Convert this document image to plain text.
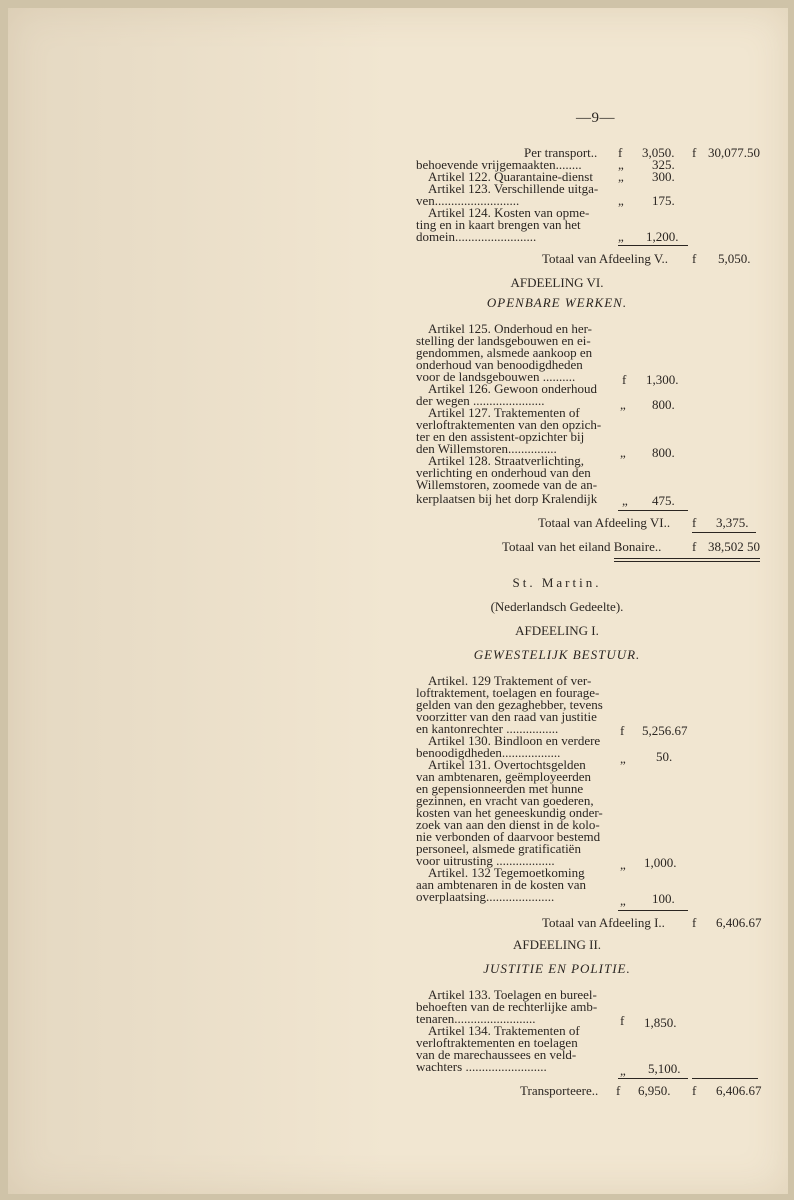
—9—
Per transport.. f 3,050. f 30,077.50
behoevende vrijgemaakten........	„ 325.
Artikel 122. Quarantaine-dienst „ 300.
Artikel 123. Verschillende uitga-
ven..........................	„ 175.
Artikel 124. Kosten van opme-
ting en in kaart brengen van het
domein.........................	„ 1,200.
Totaal van Afdeeling V.. f 5,050.
AFDEELING VI.
OPENBARE WERKEN.
Artikel 125. Onderhoud en her-
stelling der landsgebouwen en ei-
gendommen, alsmede aankoop en
onderhoud van benoodigdheden
voor de landsgebouwen ..........	f 1,300.
Artikel 126. Gewoon onderhoud
der wegen ......................	„ 800.
Artikel 127. Traktementen of
verloftraktementen van den opzich-
ter en den assistent-opzichter bij
den Willemstoren...............	„ 800.
Artikel 128. Straatverlichting,
verlichting en onderhoud van den
Willemstoren, zoomede van de an-
kerplaatsen bij het dorp Kralendijk „ 475.
Totaal van Afdeeling VI.. f 3,375.
Totaal van het eiland Bonaire.. f 38,502 50
St. Martin.
(Nederlandsch Gedeelte).
AFDEELING I.
GEWESTELIJK BESTUUR.
Artikel. 129 Traktement of ver-
loftraktement, toelagen en fourage-
gelden van den gezaghebber, tevens
voorzitter van den raad van justitie
en kantonrechter ................	f 5,256.67
Artikel 130. Bindloon en verdere
benoodigdheden..................	„ 50.
Artikel 131. Overtochtsgelden
van ambtenaren, geëmployeerden
en gepensionneerden met hunne
gezinnen, en vracht van goederen,
kosten van het geneeskundig onder-
zoek van aan den dienst in de kolo-
nie verbonden of daarvoor bestemd
personeel, alsmede gratificatiën
voor uitrusting ..................	„ 1,000.
Artikel. 132 Tegemoetkoming
aan ambtenaren in de kosten van
overplaatsing.....................	„ 100.
Totaal van Afdeeling I.. f 6,406.67
AFDEELING II.
JUSTITIE EN POLITIE.
Artikel 133. Toelagen en bureel-
behoeften van de rechterlijke amb-
tenaren.........................	f 1,850.
Artikel 134. Traktementen of
verloftraktementen en toelagen
van de marechaussees en veld-
wachters .........................	„ 5,100.
Transporteere.. f 6,950. f 6,406.67
